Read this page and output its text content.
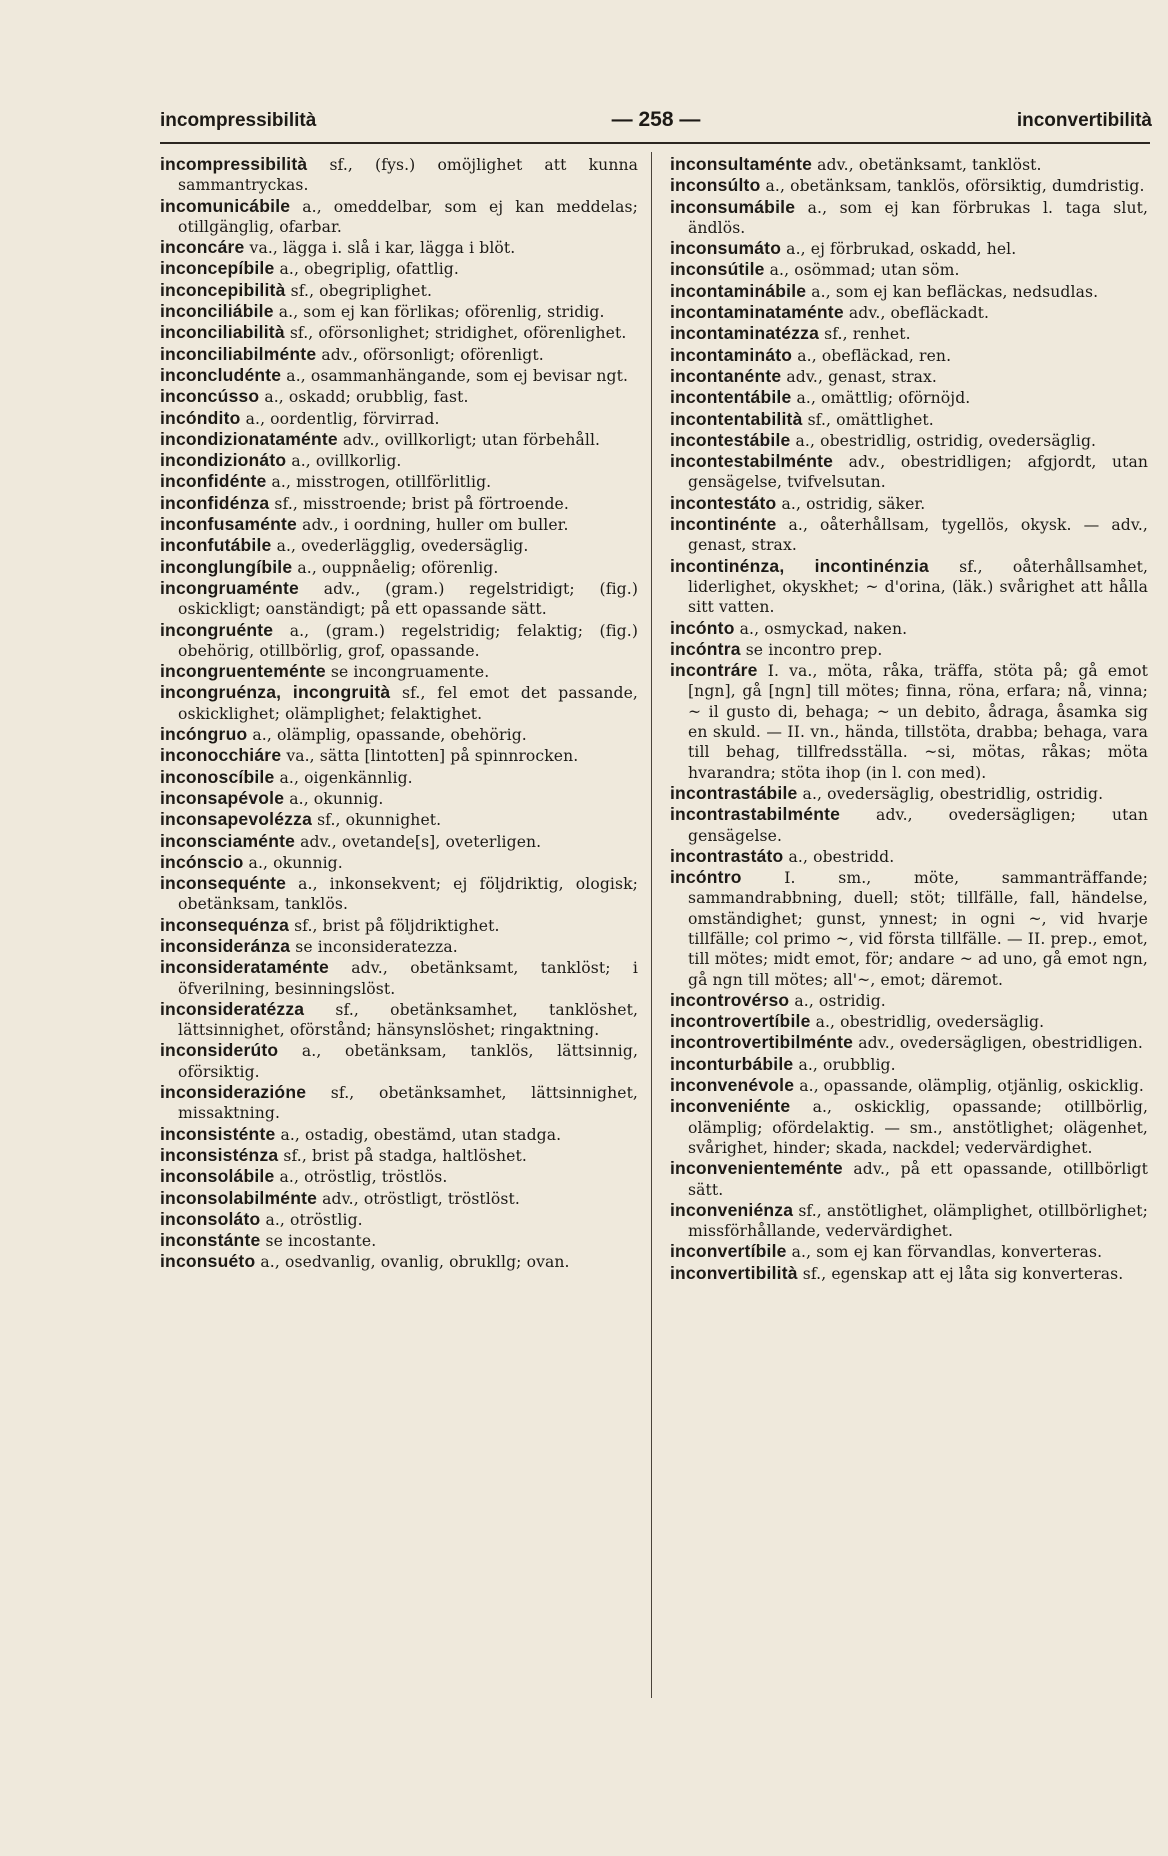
incompressibilità	— 258 —	inconvertibilità

incompressibilità sf., (fys.) omöjlighet att kunna sammantryckas.

incomunicábile a., omeddelbar, som ej kan meddelas; otillgänglig, ofarbar.

inconcáre va., lägga i. slå i kar, lägga i blöt.

inconcepíbile a., obegriplig, ofattlig.

inconcepibilità sf., obegriplighet.

inconciliábile a., som ej kan förlikas; oförenlig, stridig.

inconciliabilità sf., oförsonlighet; stridighet, oförenlighet.

inconciliabilménte adv., oförsonligt; oförenligt.

inconcludénte a., osammanhängande, som ej bevisar ngt.

inconcússo a., oskadd; orubblig, fast.

incóndito a., oordentlig, förvirrad.

incondizionataménte adv., ovillkorligt; utan förbehåll.

incondizionáto a., ovillkorlig.

inconfidénte a., misstrogen, otillförlitlig.

inconfidénza sf., misstroende; brist på förtroende.

inconfusaménte adv., i oordning, huller om buller.

inconfutábile a., ovederlägglig, ovedersäglig.

inconglungíbile a., ouppnåelig; oförenlig.

incongruaménte adv., (gram.) regelstridigt; (fig.) oskickligt; oanständigt; på ett opassande sätt.

incongruénte a., (gram.) regelstridig; felaktig; (fig.) obehörig, otillbörlig, grof, opassande.

incongruenteménte se incongruamente.

incongruénza, incongruità sf., fel emot det passande, oskicklighet; olämplighet; felaktighet.

incóngruo a., olämplig, opassande, obehörig.

inconocchiáre va., sätta [lintotten] på spinnrocken.

inconoscíbile a., oigenkännlig.

inconsapévole a., okunnig.

inconsapevolézza sf., okunnighet.

inconsciaménte adv., ovetande[s], oveterligen.

incónscio a., okunnig.

inconsequénte a., inkonsekvent; ej följdriktig, ologisk; obetänksam, tanklös.

inconsequénza sf., brist på följdriktighet.

inconsideránza se inconsideratezza.

inconsiderataménte adv., obetänksamt, tanklöst; i öfverilning, besinningslöst.

inconsideratézza sf., obetänksamhet, tanklöshet, lättsinnighet, oförstånd; hänsynslöshet; ringaktning.

inconsiderúto a., obetänksam, tanklös, lättsinnig, oförsiktig.

inconsiderazióne sf., obetänksamhet, lättsinnighet, missaktning.

inconsisténte a., ostadig, obestämd, utan stadga.

inconsisténza sf., brist på stadga, haltlöshet.

inconsolábile a., otröstlig, tröstlös.

inconsolabilménte adv., otröstligt, tröstlöst.

inconsoláto a., otröstlig.

inconstánte se incostante.

inconsuéto a., osedvanlig, ovanlig, obrukllg; ovan.

inconsultaménte adv., obetänksamt, tanklöst.

inconsúlto a., obetänksam, tanklös, oförsiktig, dumdristig.

inconsumábile a., som ej kan förbrukas l. taga slut, ändlös.

inconsumáto a., ej förbrukad, oskadd, hel.

inconsútile a., osömmad; utan söm.

incontaminábile a., som ej kan befläckas, nedsudlas.

incontaminataménte adv., obefläckadt.

incontaminatézza sf., renhet.

incontamináto a., obefläckad, ren.

incontanénte adv., genast, strax.

incontentábile a., omättlig; oförnöjd.

incontentabilità sf., omättlighet.

incontestábile a., obestridlig, ostridig, ovedersäglig.

incontestabilménte adv., obestridligen; afgjordt, utan gensägelse, tvifvelsutan.

incontestáto a., ostridig, säker.

incontinénte a., oåterhållsam, tygellös, okysk. — adv., genast, strax.

incontinénza, incontinénzia sf., oåterhållsamhet, liderlighet, okyskhet; ~ d'orina, (läk.) svårighet att hålla sitt vatten.

incónto a., osmyckad, naken.

incóntra se incontro prep.

incontráre I. va., möta, råka, träffa, stöta på; gå emot [ngn], gå [ngn] till mötes; finna, röna, erfara; nå, vinna; ~ il gusto di, behaga; ~ un debito, ådraga, åsamka sig en skuld. — II. vn., hända, tillstöta, drabba; behaga, vara till behag, tillfredsställa. ~si, mötas, råkas; möta hvarandra; stöta ihop (in l. con med).

incontrastábile a., ovedersäglig, obestridlig, ostridig.

incontrastabilménte adv., ovedersägligen; utan gensägelse.

incontrastáto a., obestridd.

incóntro	I. sm., möte, sammanträffande; sammandrabbning, duell; stöt; tillfälle, fall, händelse, omständighet; gunst, ynnest; in ogni ~, vid hvarje tillfälle; col primo ~, vid första tillfälle. — II. prep., emot, till mötes; midt emot, för; andare ~ ad uno, gå emot ngn, gå ngn till mötes; all'~, emot; däremot.

incontrovérso a., ostridig.

incontrovertíbile a., obestridlig, ovedersäglig.

incontrovertibilménte adv., ovedersägligen, obestridligen.

inconturbábile a., orubblig.

inconvenévole a., opassande, olämplig, otjänlig, oskicklig.

inconveniénte a., oskicklig, opassande; otillbörlig, olämplig; ofördelaktig. — sm., anstötlighet; olägenhet, svårighet, hinder; skada, nackdel; vedervärdighet.

inconvenienteménte adv., på ett opassande, otillbörligt sätt.

inconveniénza sf., anstötlighet, olämplighet, otillbörlighet; missförhållande, vedervärdighet.

inconvertíbile a., som ej kan förvandlas, konverteras.

inconvertibilità sf., egenskap att ej låta sig konverteras.
